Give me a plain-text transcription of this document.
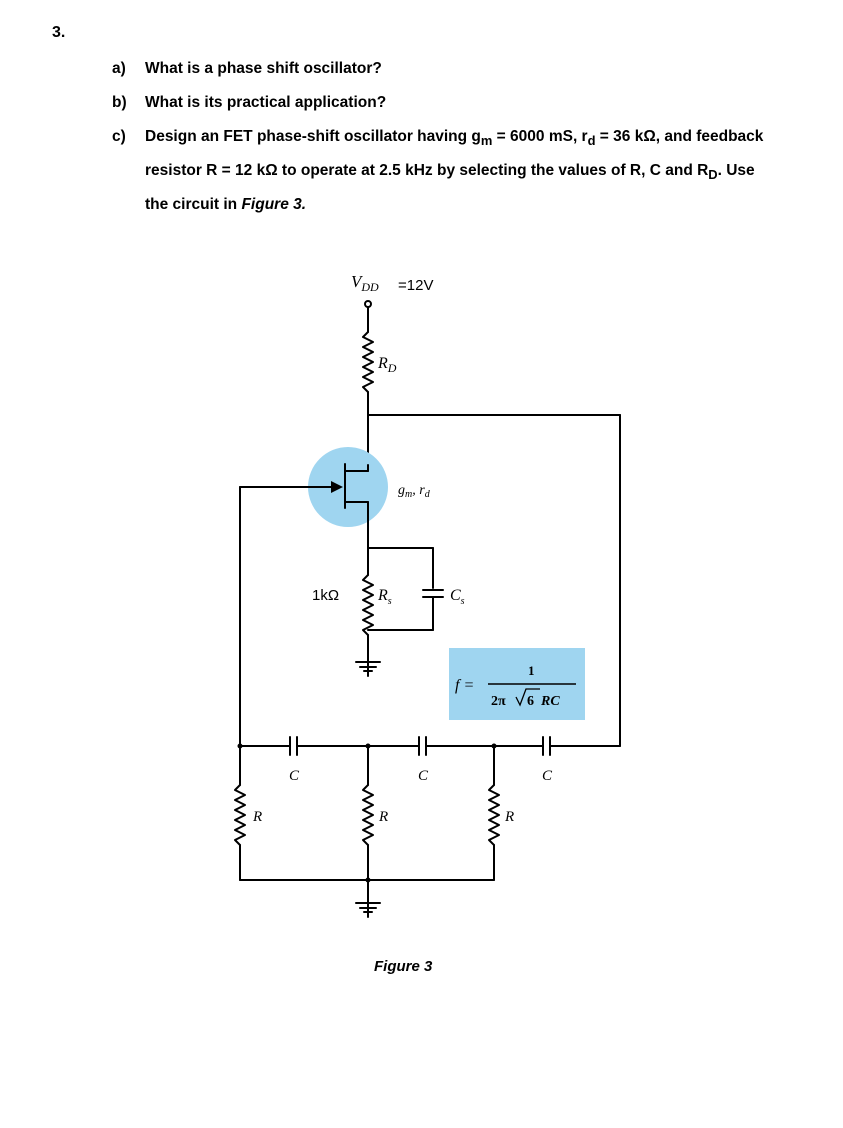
3.
a) What is a phase shift oscillator?
b) What is its practical application?
c) Design an FET phase-shift oscillator having $g_m = 6000$ mS, $r_d = 36$ kΩ, and feedback
resistor R = 12 kΩ to operate at 2.5 kHz by selecting the values of R, C and $R_D$. Use
the circuit in Figure 3.
$V_{DD} =12V$
$R_D$
$g_m$, $r_d$
1kΩ $R_s$	$C_s$
f =
1
2π 6 RC
C	C	C
R	R	R
Figure 3
